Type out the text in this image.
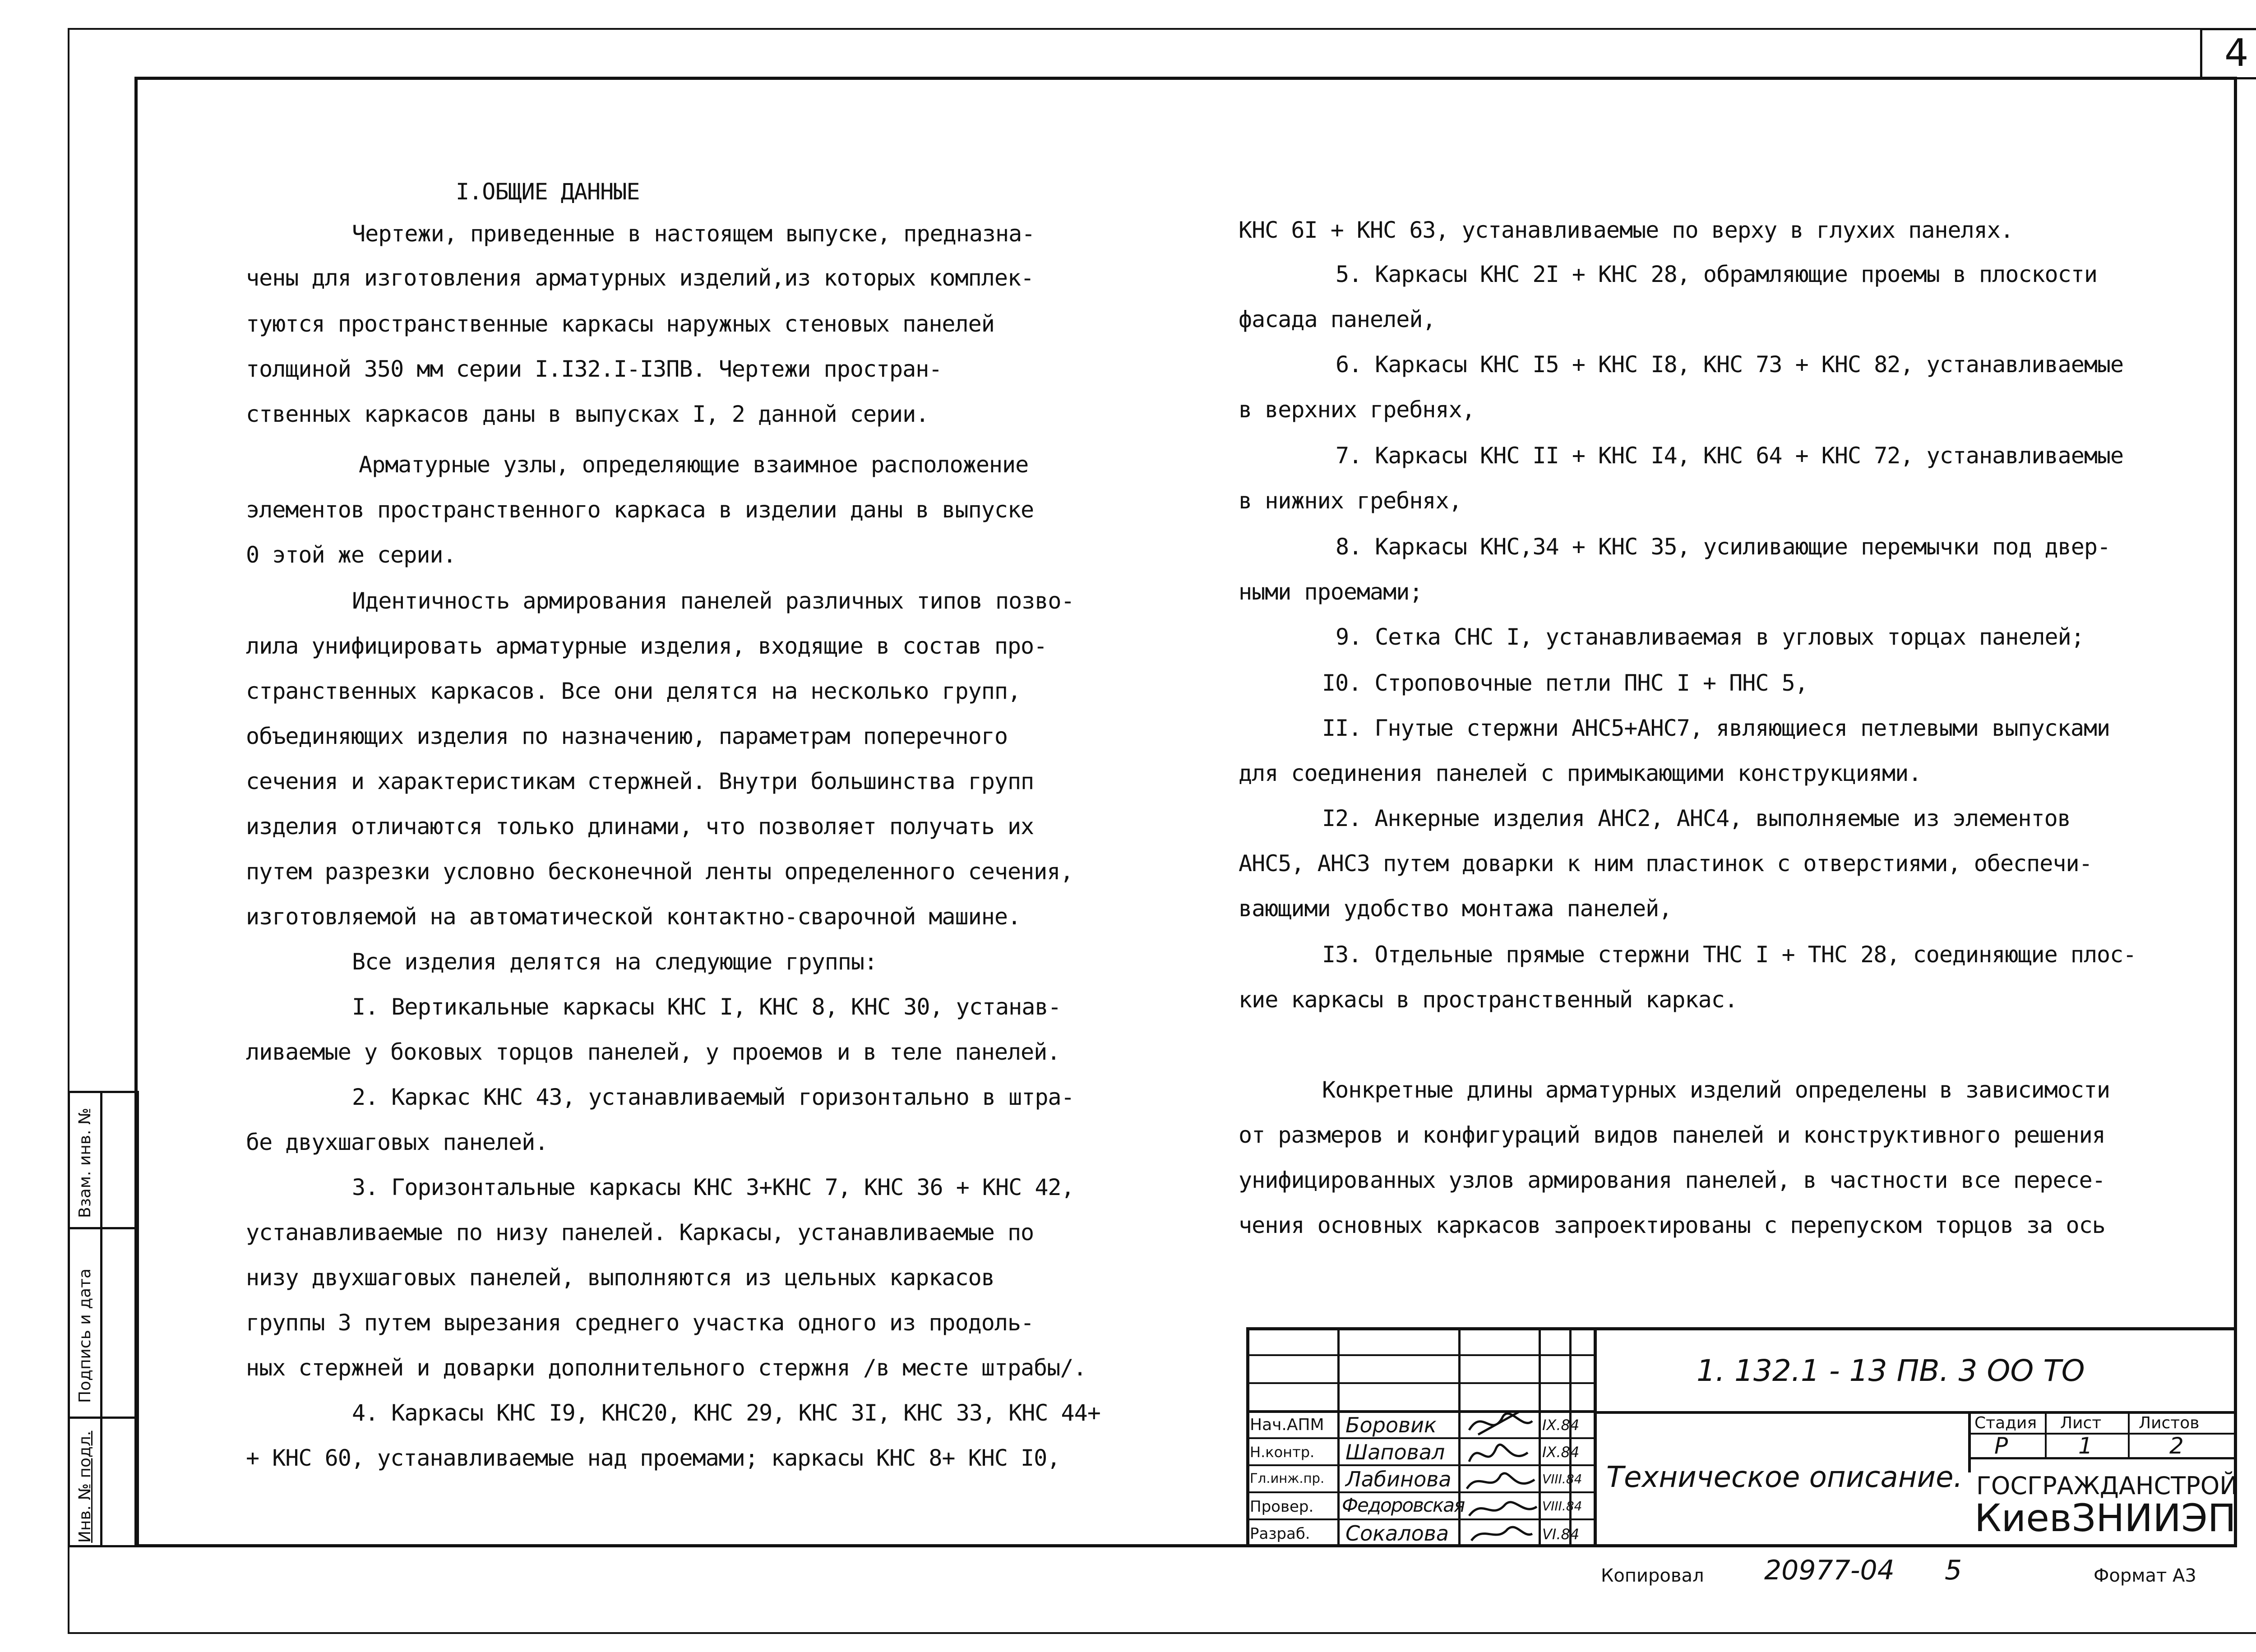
4
Взам. инв. №
Подпись и дата
Инв. № подл.
I.ОБЩИЕ ДАННЫЕ
Чертежи, приведенные в настоящем выпуске, предназна-
чены для изготовления арматурных изделий,из которых комплек-
туются пространственные каркасы наружных стеновых панелей
толщиной 350 мм серии I.I32.I-I3ПВ. Чертежи простран-
ственных каркасов даны в выпусках I, 2 данной серии.
Арматурные узлы, определяющие взаимное расположение
элементов пространственного каркаса в изделии даны в выпуске
0 этой же серии.
Идентичность армирования панелей различных типов позво-
лила унифицировать арматурные изделия, входящие в состав про-
странственных каркасов. Все они делятся на несколько групп,
объединяющих изделия по назначению, параметрам поперечного
сечения и характеристикам стержней. Внутри большинства групп
изделия отличаются только длинами, что позволяет получать их
путем разрезки условно бесконечной ленты определенного сечения,
изготовляемой на автоматической контактно-сварочной машине.
Все изделия делятся на следующие группы:
I. Вертикальные каркасы КНС I, КНС 8, КНС 30, устанав-
ливаемые у боковых торцов панелей, у проемов и в теле панелей.
2. Каркас КНС 43, устанавливаемый горизонтально в штра-
бе двухшаговых панелей.
3. Горизонтальные каркасы КНС 3+КНС 7, КНС 36 + КНС 42,
устанавливаемые по низу панелей. Каркасы, устанавливаемые по
низу двухшаговых панелей, выполняются из цельных каркасов
группы 3 путем вырезания среднего участка одного из продоль-
ных стержней и доварки дополнительного стержня /в месте штрабы/.
4. Каркасы КНС I9, КНС20, КНС 29, КНС 3I, КНС 33, КНС 44+
+ КНС 60, устанавливаемые над проемами; каркасы КНС 8+ КНС I0,
КНС 6I + КНС 63, устанавливаемые по верху в глухих панелях.
5. Каркасы КНС 2I + КНС 28, обрамляющие проемы в плоскости
фасада панелей,
6. Каркасы КНС I5 + КНС I8, КНС 73 + КНС 82, устанавливаемые
в верхних гребнях,
7. Каркасы КНС II + КНС I4, КНС 64 + КНС 72, устанавливаемые
в нижних гребнях,
8. Каркасы КНС,34 + КНС 35, усиливающие перемычки под двер-
ными проемами;
9. Сетка СНС I, устанавливаемая в угловых торцах панелей;
I0. Строповочные петли ПНС I + ПНС 5,
II. Гнутые стержни АНС5+АНС7, являющиеся петлевыми выпусками
для соединения панелей с примыкающими конструкциями.
I2. Анкерные изделия АНС2, АНС4, выполняемые из элементов
АНС5, АНС3 путем доварки к ним пластинок с отверстиями, обеспечи-
вающими удобство монтажа панелей,
I3. Отдельные прямые стержни ТНС I + ТНС 28, соединяющие плос-
кие каркасы в пространственный каркас.
Конкретные длины арматурных изделий определены в зависимости
от размеров и конфигураций видов панелей и конструктивного решения
унифицированных узлов армирования панелей, в частности все пересе-
чения основных каркасов запроектированы с перепуском торцов за ось
1. 132.1 - 13 ПВ. 3 ОО ТО
Техническое описание.
Стадия Лист Листов
Р	1	2
ГОСГРАЖДАНСТРОЙ
КиевЗНИИЭП
Нач.АПМ Боровик	IX.84
Н.контр. Шаповал	IX.84
Гл.инж.пр. Лабинова	VIII.84
Провер. Федоровская	VIII.84
Разраб. Сокалова	VI.84
Копировал 20977-04 5	Формат А3
